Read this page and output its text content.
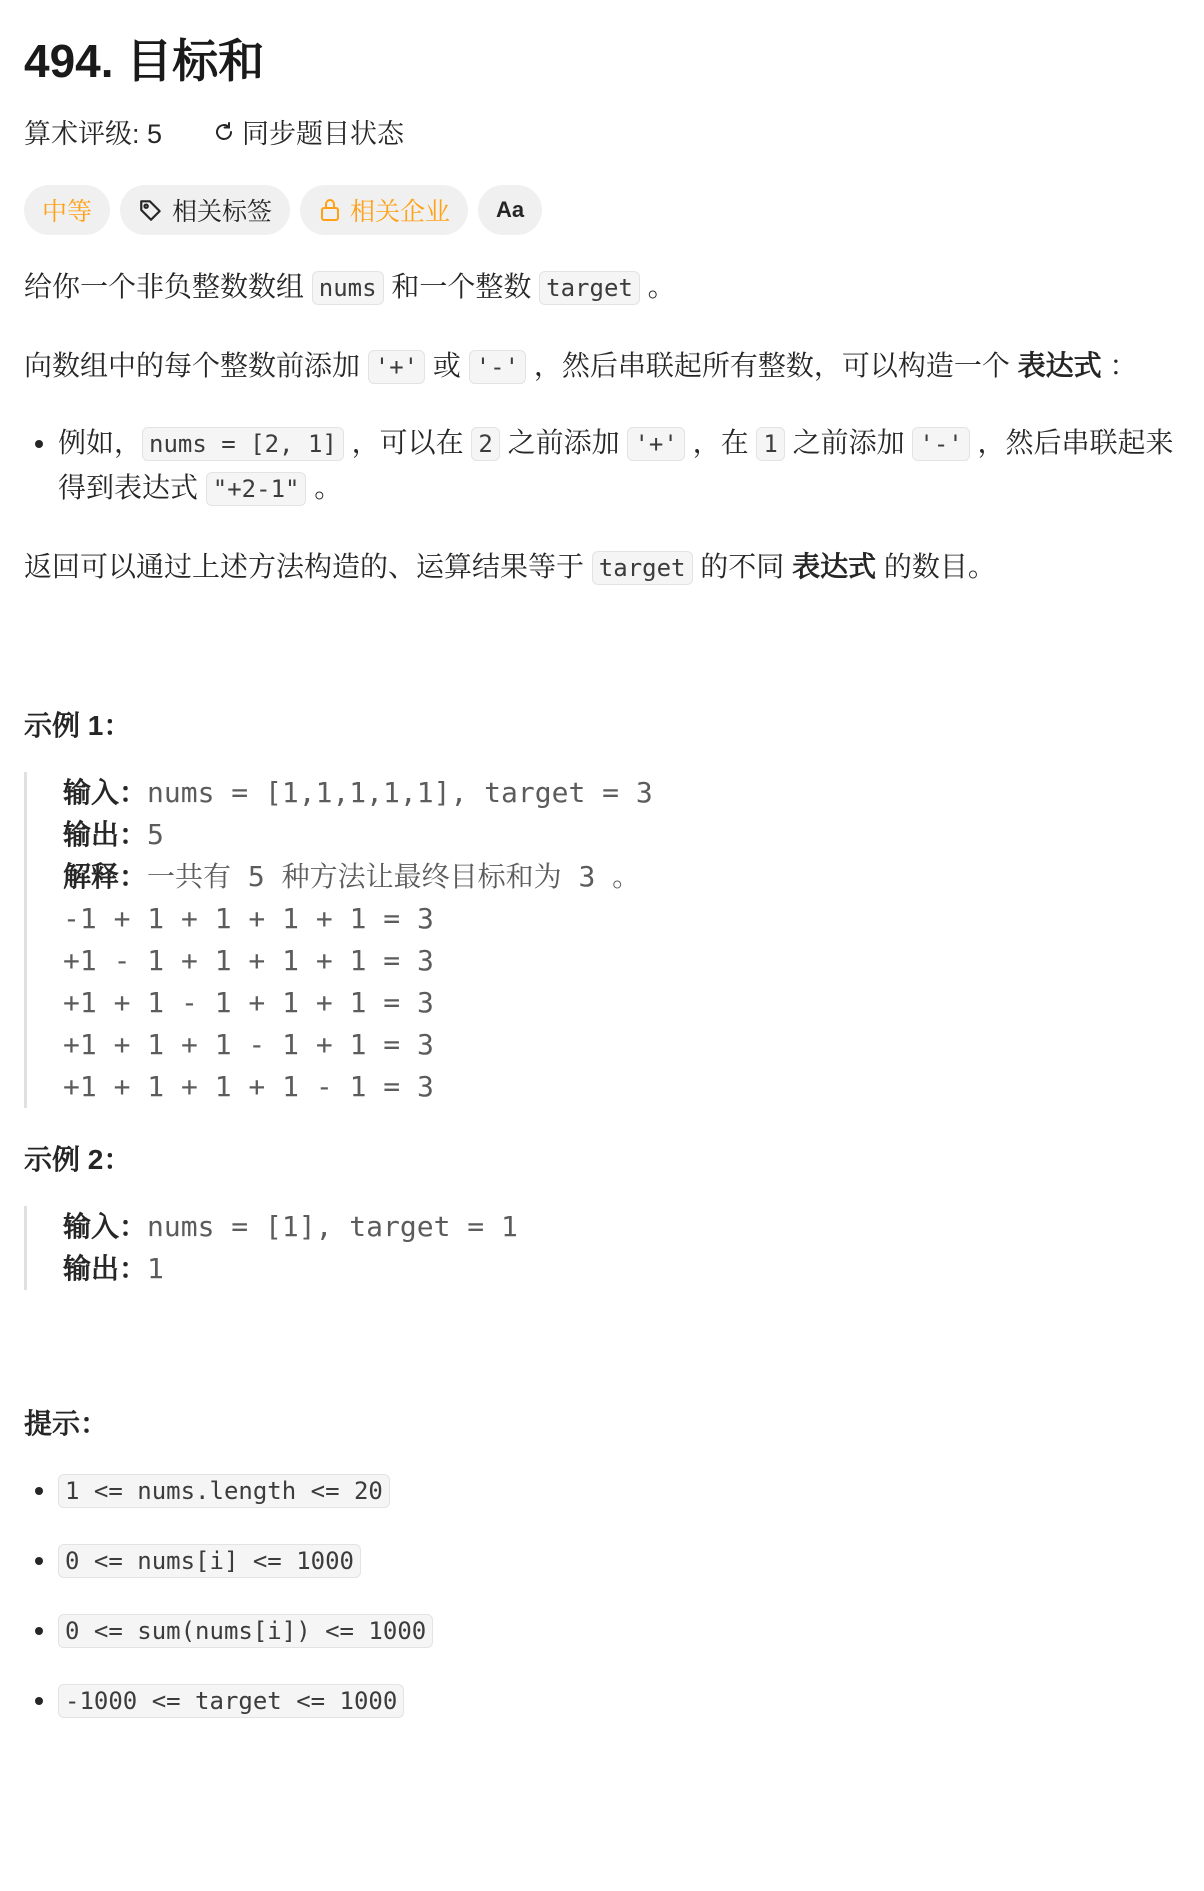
494. 目标和
算术评级: 5	同步题目状态
中等	相关标签	相关企业 Aa

给你一个非负整数数组 nums 和一个整数 target 。

向数组中的每个整数前添加 '+' 或 '-' ，然后串联起所有整数，可以构造一个 表达式 ：

• 例如， nums = [2, 1] ，可以在 2 之前添加 '+' ，在 1 之前添加 '-' ，然后串联起来得到表达式 "+2-1" 。

返回可以通过上述方法构造的、运算结果等于 target 的不同 表达式 的数目。

示例 1：
输入：nums = [1,1,1,1,1], target = 3
输出：5
解释：一共有 5 种方法让最终目标和为 3 。
-1 + 1 + 1 + 1 + 1 = 3
+1 - 1 + 1 + 1 + 1 = 3
+1 + 1 - 1 + 1 + 1 = 3
+1 + 1 + 1 - 1 + 1 = 3
+1 + 1 + 1 + 1 - 1 = 3
示例 2：
输入：nums = [1], target = 1
输出：1
提示：
• 1 <= nums.length <= 20
• 0 <= nums[i] <= 1000
• 0 <= sum(nums[i]) <= 1000
• -1000 <= target <= 1000
